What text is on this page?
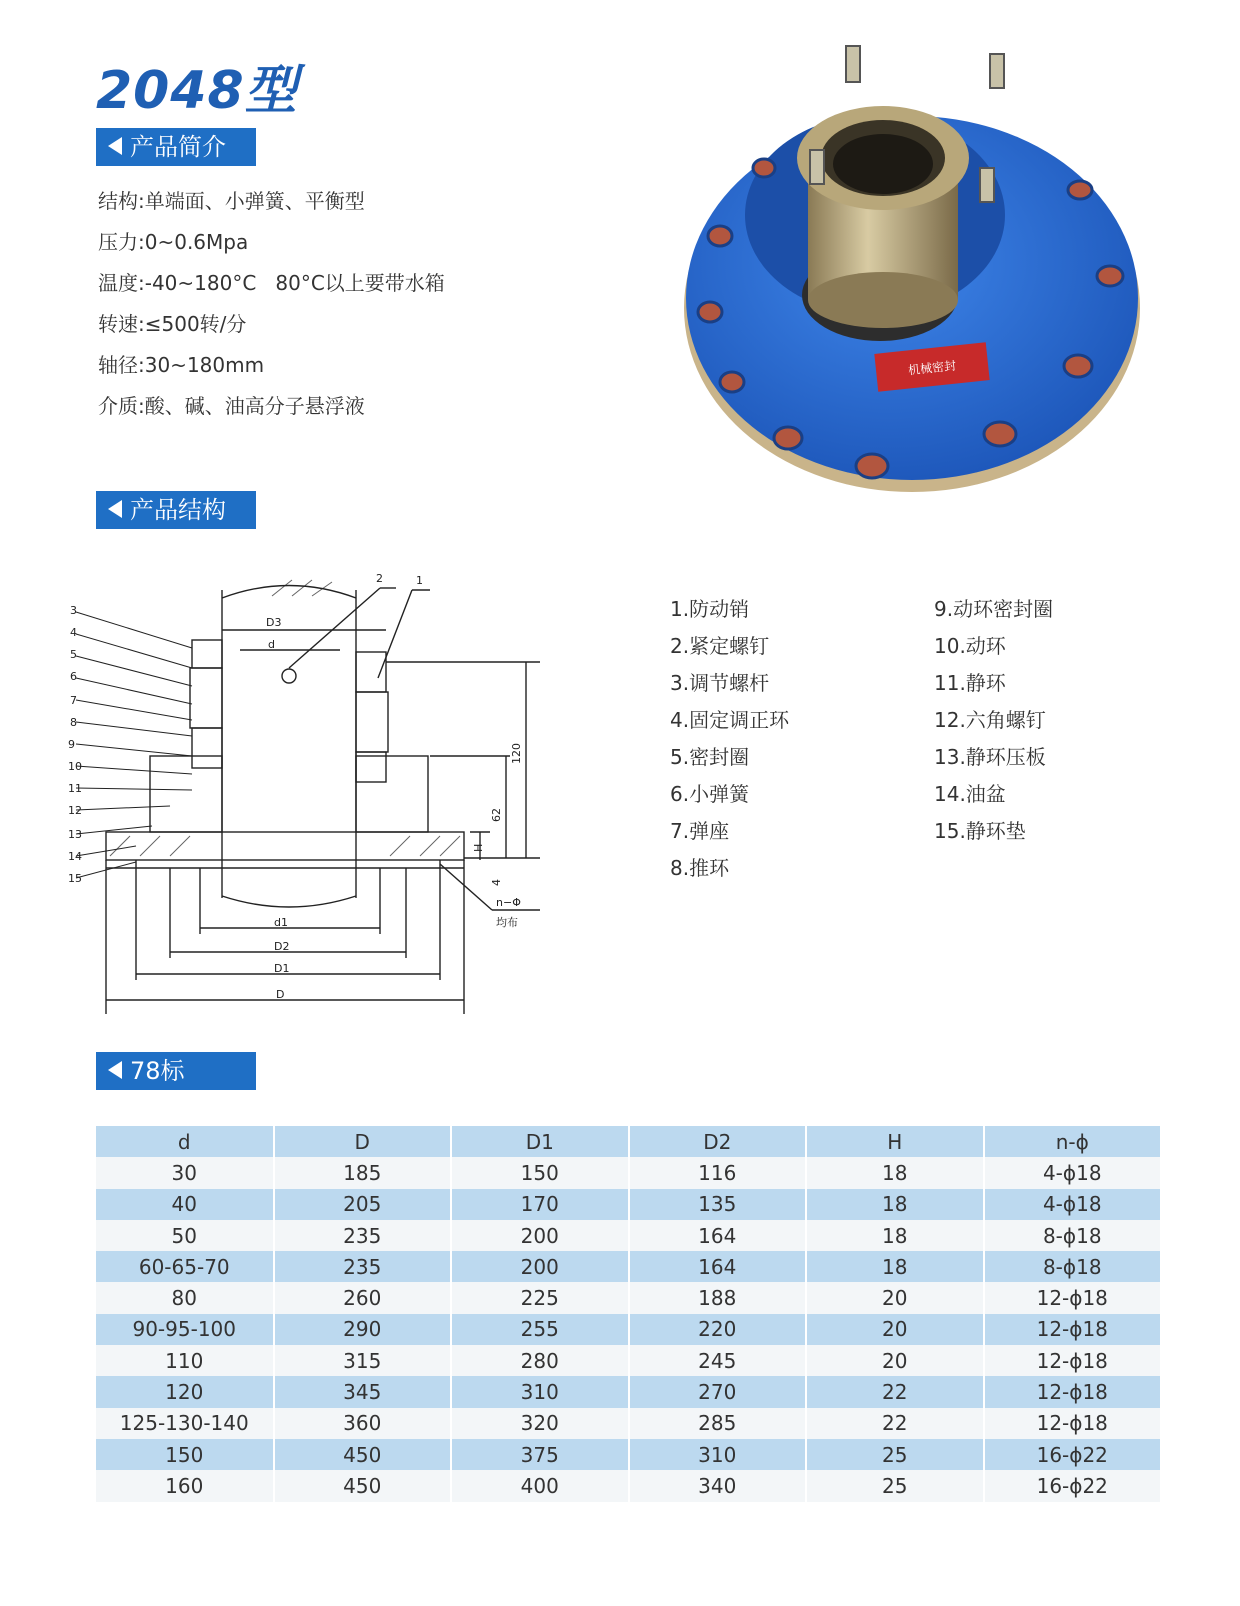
2048型
产品简介
结构:单端面、小弹簧、平衡型
压力:0~0.6Mpa
温度:-40~180°C   80°C以上要带水箱
转速:≤500转/分
轴径:30~180mm
介质:酸、碱、油高分子悬浮液
机械密封
产品结构
1
2
3
4
5
6
7
8
9
10
11
12
13
14
15
D3
d
d1
D2
D1
D
120
62
H
4
n−Φ
均布
1.防动销
2.紧定螺钉
3.调节螺杆
4.固定调正环
5.密封圈
6.小弹簧
7.弹座
8.推环
9.动环密封圈
10.动环
11.静环
12.六角螺钉
13.静环压板
14.油盆
15.静环垫
78标
d	D	D1	D2	H	n-ϕ
30	185	150	116	18	4-ϕ18
40	205	170	135	18	4-ϕ18
50	235	200	164	18	8-ϕ18
60-65-70	235	200	164	18	8-ϕ18
80	260	225	188	20	12-ϕ18
90-95-100	290	255	220	20	12-ϕ18
110	315	280	245	20	12-ϕ18
120	345	310	270	22	12-ϕ18
125-130-140	360	320	285	22	12-ϕ18
150	450	375	310	25	16-ϕ22
160	450	400	340	25	16-ϕ22
